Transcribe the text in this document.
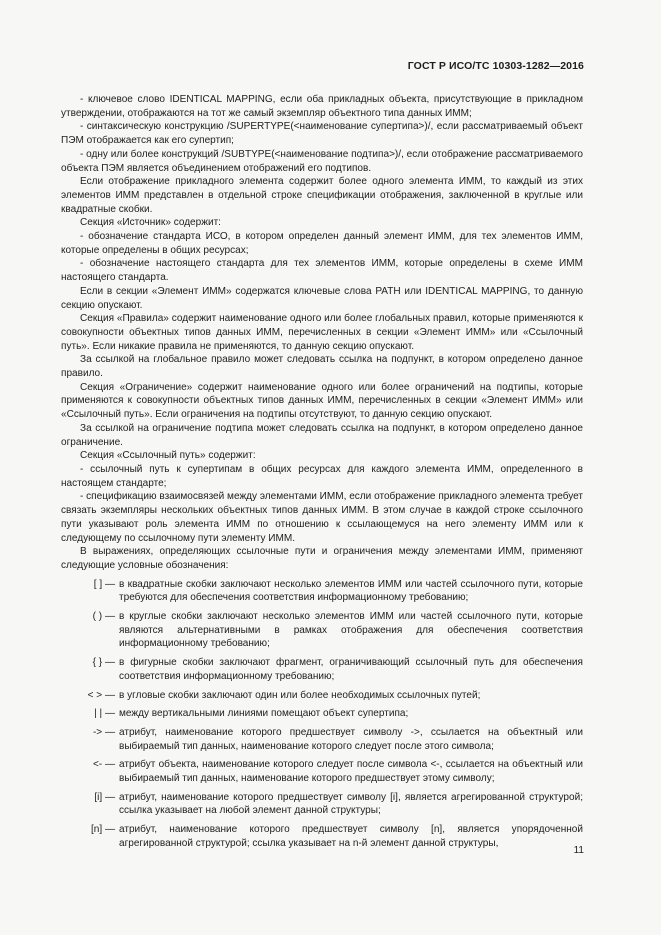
ГОСТ Р ИСО/ТС 10303-1282—2016
- ключевое слово IDENTICAL MAPPING, если оба прикладных объекта, присутствующие в прикладном утверждении, отображаются на тот же самый экземпляр объектного типа данных ИММ;
- синтаксическую конструкцию /SUPERTYPE(<наименование супертипа>)/, если рассматриваемый объект ПЭМ отображается как его супертип;
- одну или более конструкций /SUBTYPE(<наименование подтипа>)/, если отображение рассматриваемого объекта ПЭМ является объединением отображений его подтипов.
Если отображение прикладного элемента содержит более одного элемента ИММ, то каждый из этих элементов ИММ представлен в отдельной строке спецификации отображения, заключенной в круглые или квадратные скобки.
Секция «Источник» содержит:
- обозначение стандарта ИСО, в котором определен данный элемент ИММ, для тех элементов ИММ, которые определены в общих ресурсах;
- обозначение настоящего стандарта для тех элементов ИММ, которые определены в схеме ИММ настоящего стандарта.
Если в секции «Элемент ИММ» содержатся ключевые слова PATH или IDENTICAL MAPPING, то данную секцию опускают.
Секция «Правила» содержит наименование одного или более глобальных правил, которые применяются к совокупности объектных типов данных ИММ, перечисленных в секции «Элемент ИММ» или «Ссылочный путь». Если никакие правила не применяются, то данную секцию опускают.
За ссылкой на глобальное правило может следовать ссылка на подпункт, в котором определено данное правило.
Секция «Ограничение» содержит наименование одного или более ограничений на подтипы, которые применяются к совокупности объектных типов данных ИММ, перечисленных в секции «Элемент ИММ» или «Ссылочный путь». Если ограничения на подтипы отсутствуют, то данную секцию опускают.
За ссылкой на ограничение подтипа может следовать ссылка на подпункт, в котором определено данное ограничение.
Секция «Ссылочный путь» содержит:
- ссылочный путь к супертипам в общих ресурсах для каждого элемента ИММ, определенного в настоящем стандарте;
- спецификацию взаимосвязей между элементами ИММ, если отображение прикладного элемента требует связать экземпляры нескольких объектных типов данных ИММ. В этом случае в каждой строке ссылочного пути указывают роль элемента ИММ по отношению к ссылающемуся на него элементу ИММ или к следующему по ссылочному пути элементу ИММ.
В выражениях, определяющих ссылочные пути и ограничения между элементами ИММ, применяют следующие условные обозначения:
[ ] — в квадратные скобки заключают несколько элементов ИММ или частей ссылочного пути, которые требуются для обеспечения соответствия информационному требованию;
( ) — в круглые скобки заключают несколько элементов ИММ или частей ссылочного пути, которые являются альтернативными в рамках отображения для обеспечения соответствия информационному требованию;
{ } — в фигурные скобки заключают фрагмент, ограничивающий ссылочный путь для обеспечения соответствия информационному требованию;
< > — в угловые скобки заключают один или более необходимых ссылочных путей;
| | — между вертикальными линиями помещают объект супертипа;
-> — атрибут, наименование которого предшествует символу ->, ссылается на объектный или выбираемый тип данных, наименование которого следует после этого символа;
<- — атрибут объекта, наименование которого следует после символа <-, ссылается на объектный или выбираемый тип данных, наименование которого предшествует этому символу;
[i] — атрибут, наименование которого предшествует символу [i], является агрегированной структурой; ссылка указывает на любой элемент данной структуры;
[n] — атрибут, наименование которого предшествует символу [n], является упорядоченной агрегированной структурой; ссылка указывает на n-й элемент данной структуры,
11
